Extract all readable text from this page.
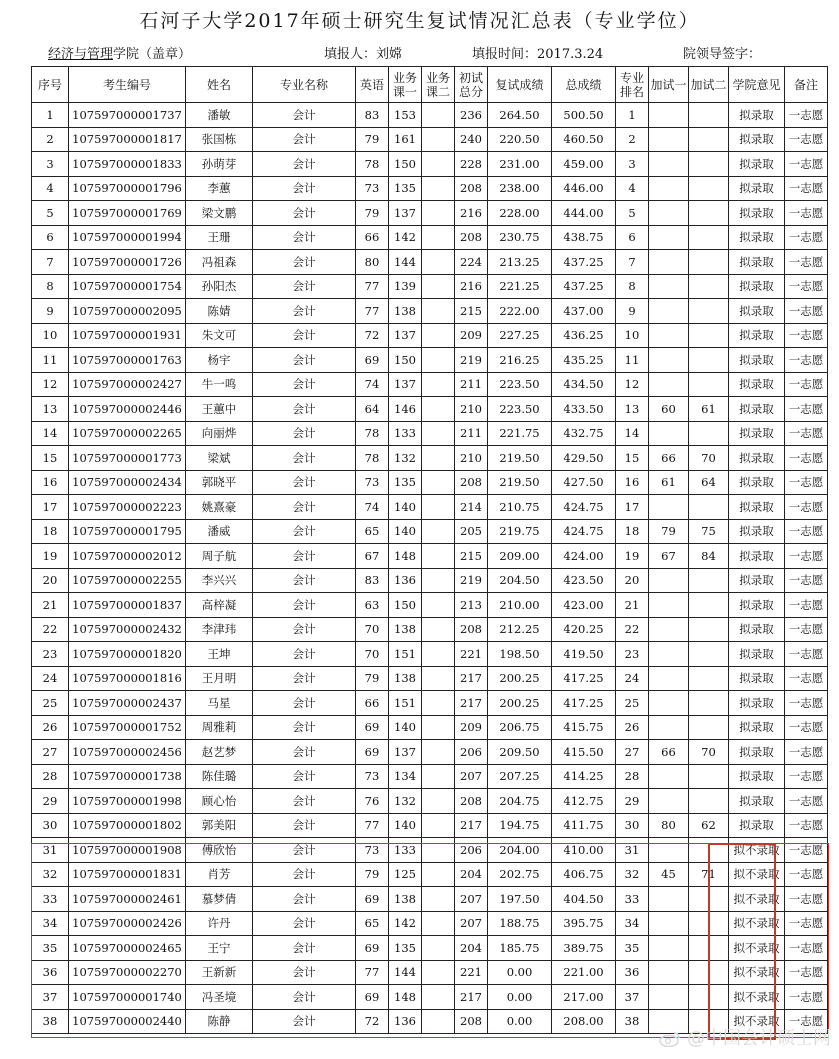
石河子大学2017年硕士研究生复试情况汇总表（专业学位）
经济与管理学院（盖章）	填报人：刘嫦	填报时间：2017.3.24	院领导签字：
序号	考生编号	姓名	专业名称	英语	业务课一	业务课二	初试总分	复试成绩	总成绩	专业排名	加试一	加试二	学院意见	备注
1	107597000001737	潘敏	会计	83	153		236	264.50	500.50	1			拟录取	一志愿
2	107597000001817	张国栋	会计	79	161		240	220.50	460.50	2			拟录取	一志愿
3	107597000001833	孙萌芽	会计	78	150		228	231.00	459.00	3			拟录取	一志愿
4	107597000001796	李蕙	会计	73	135		208	238.00	446.00	4			拟录取	一志愿
5	107597000001769	梁文鹏	会计	79	137		216	228.00	444.00	5			拟录取	一志愿
6	107597000001994	王珊	会计	66	142		208	230.75	438.75	6			拟录取	一志愿
7	107597000001726	冯祖森	会计	80	144		224	213.25	437.25	7			拟录取	一志愿
8	107597000001754	孙阳杰	会计	77	139		216	221.25	437.25	8			拟录取	一志愿
9	107597000002095	陈婧	会计	77	138		215	222.00	437.00	9			拟录取	一志愿
10	107597000001931	朱文可	会计	72	137		209	227.25	436.25	10			拟录取	一志愿
11	107597000001763	杨宇	会计	69	150		219	216.25	435.25	11			拟录取	一志愿
12	107597000002427	牛一鸣	会计	74	137		211	223.50	434.50	12			拟录取	一志愿
13	107597000002446	王蕙中	会计	64	146		210	223.50	433.50	13	60	61	拟录取	一志愿
14	107597000002265	向丽烨	会计	78	133		211	221.75	432.75	14			拟录取	一志愿
15	107597000001773	梁斌	会计	78	132		210	219.50	429.50	15	66	70	拟录取	一志愿
16	107597000002434	郭晓平	会计	73	135		208	219.50	427.50	16	61	64	拟录取	一志愿
17	107597000002223	姚熹豪	会计	74	140		214	210.75	424.75	17			拟录取	一志愿
18	107597000001795	潘威	会计	65	140		205	219.75	424.75	18	79	75	拟录取	一志愿
19	107597000002012	周子航	会计	67	148		215	209.00	424.00	19	67	84	拟录取	一志愿
20	107597000002255	李兴兴	会计	83	136		219	204.50	423.50	20			拟录取	一志愿
21	107597000001837	高梓凝	会计	63	150		213	210.00	423.00	21			拟录取	一志愿
22	107597000002432	李津玮	会计	70	138		208	212.25	420.25	22			拟录取	一志愿
23	107597000001820	王坤	会计	70	151		221	198.50	419.50	23			拟录取	一志愿
24	107597000001816	王月明	会计	79	138		217	200.25	417.25	24			拟录取	一志愿
25	107597000002437	马星	会计	66	151		217	200.25	417.25	25			拟录取	一志愿
26	107597000001752	周雅莉	会计	69	140		209	206.75	415.75	26			拟录取	一志愿
27	107597000002456	赵艺梦	会计	69	137		206	209.50	415.50	27	66	70	拟录取	一志愿
28	107597000001738	陈佳璐	会计	73	134		207	207.25	414.25	28			拟录取	一志愿
29	107597000001998	顾心怡	会计	76	132		208	204.75	412.75	29			拟录取	一志愿
30	107597000001802	郭美阳	会计	77	140		217	194.75	411.75	30	80	62	拟录取	一志愿
31	107597000001908	傅欣怡	会计	73	133		206	204.00	410.00	31			拟不录取	一志愿
32	107597000001831	肖芳	会计	79	125		204	202.75	406.75	32	45	71	拟不录取	一志愿
33	107597000002461	慕梦倩	会计	69	138		207	197.50	404.50	33			拟不录取	一志愿
34	107597000002426	许丹	会计	65	142		207	188.75	395.75	34			拟不录取	一志愿
35	107597000002465	王宁	会计	69	135		204	185.75	389.75	35			拟不录取	一志愿
36	107597000002270	王新新	会计	77	144		221	0.00	221.00	36			拟不录取	一志愿
37	107597000001740	冯圣境	会计	69	148		217	0.00	217.00	37			拟不录取	一志愿
38	107597000002440	陈静	会计	72	136		208	0.00	208.00	38			拟不录取	一志愿
@中国会计硕士网
